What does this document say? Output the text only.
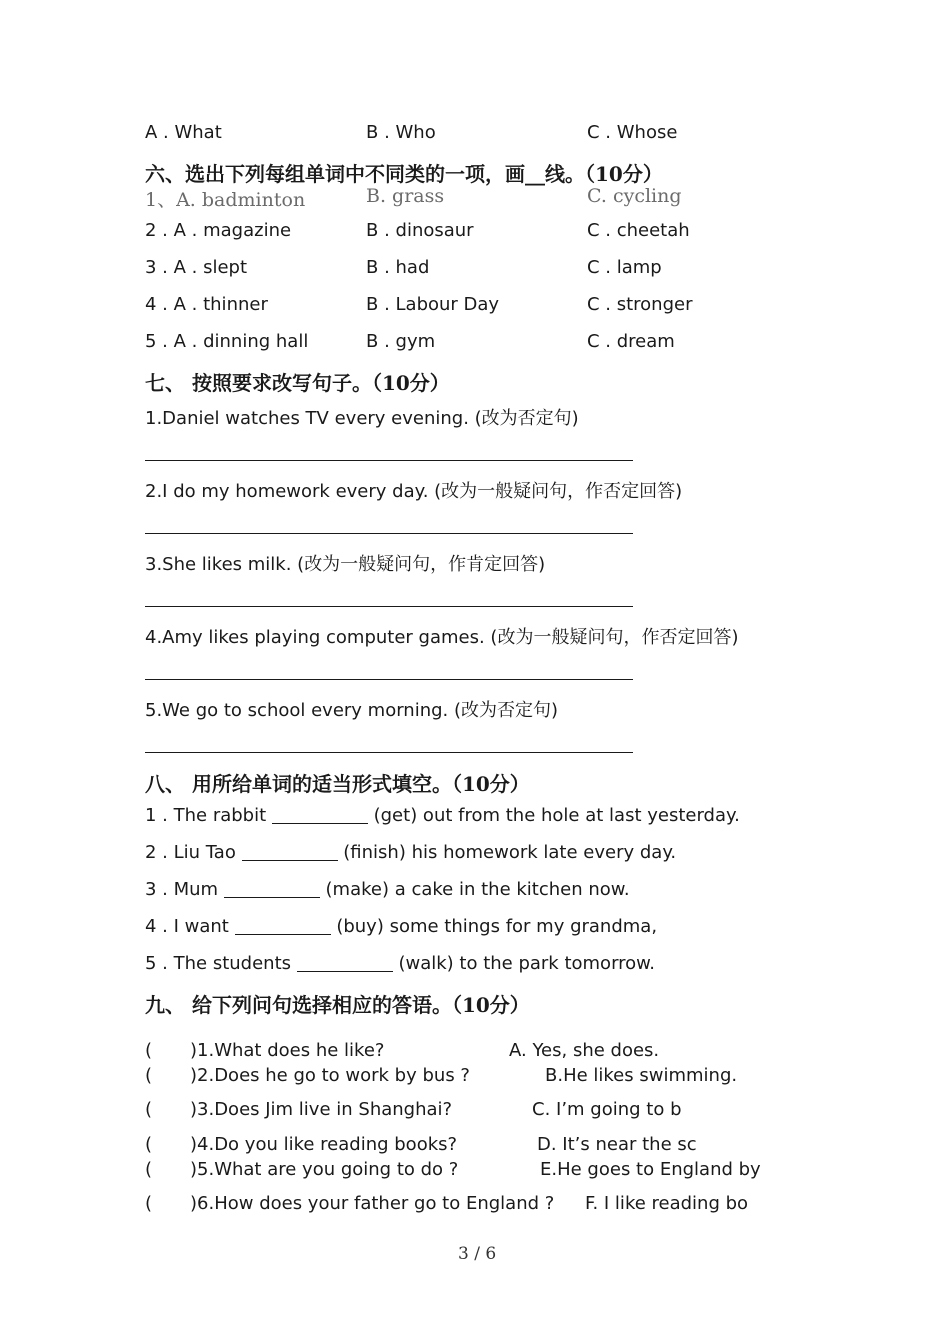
A . What	B . Who	C . Whose
六、选出下列每组单词中不同类的一项，画__线。（10分）
1、A. badminton	B. grass	C. cycling
2 . A . magazine	B . dinosaur	C . cheetah
3 . A . slept	B . had	C . lamp
4 . A . thinner	B . Labour Day	C . stronger
5 . A . dinning hall	B . gym	C . dream
七、 按照要求改写句子。（10分）
1.Daniel watches TV every evening. (改为否定句)
2.I do my homework every day. (改为一般疑问句，作否定回答)
3.She likes milk. (改为一般疑问句，作肯定回答)
4.Amy likes playing computer games. (改为一般疑问句，作否定回答)
5.We go to school every morning. (改为否定句)
八、 用所给单词的适当形式填空。（10分）
1 . The rabbit	(get) out from the hole at last yesterday.
2 . Liu Tao	(finish) his homework late every day.
3 . Mum	(make) a cake in the kitchen now.
4 . I want	(buy) some things for my grandma,
5 . The students	(walk) to the park tomorrow.
九、 给下列问句选择相应的答语。（10分）
( )1.What does he like?	A. Yes, she does.
( )2.Does he go to work by bus ?	B.He likes swimming.
( )3.Does Jim live in Shanghai?	C. I’m going to b
( )4.Do you like reading books?	D. It’s near the sc
( )5.What are you going to do ?	E.He goes to England by
( )6.How does your father go to England ? F. I like reading bo
3 / 6
